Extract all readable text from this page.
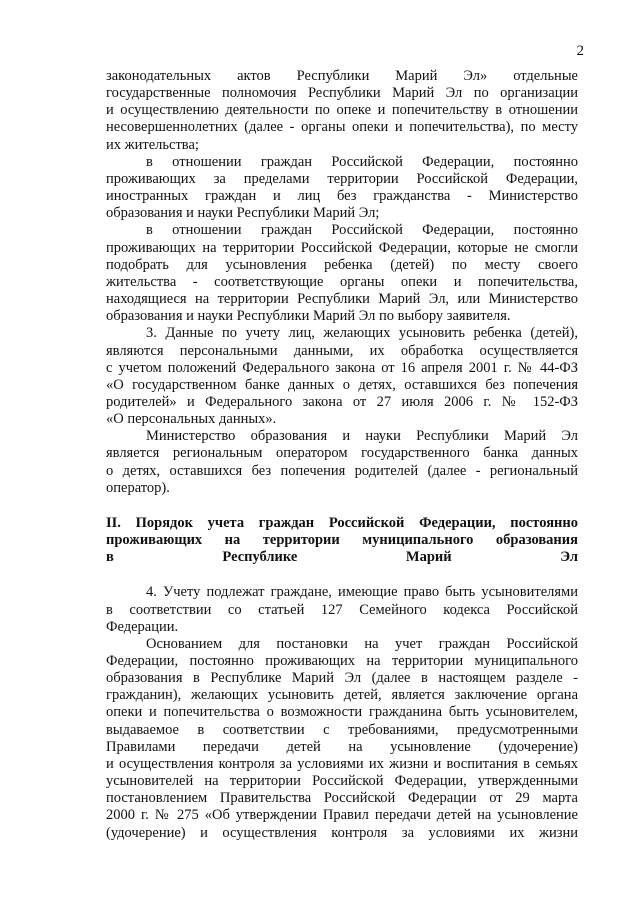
2

законодательных актов Республики Марий Эл» отдельные

государственные полномочия Республики Марий Эл по организации

и осуществлению деятельности по опеке и попечительству в отношении

несовершеннолетних (далее - органы опеки и попечительства), по месту

их жительства;

в отношении граждан Российской Федерации, постоянно

проживающих за пределами территории Российской Федерации,

иностранных граждан и лиц без гражданства - Министерство

образования и науки Республики Марий Эл;

в отношении граждан Российской Федерации, постоянно

проживающих на территории Российской Федерации, которые не смогли

подобрать для усыновления ребенка (детей) по месту своего

жительства - соответствующие органы опеки и попечительства,

находящиеся на территории Республики Марий Эл, или Министерство

образования и науки Республики Марий Эл по выбору заявителя.

3. Данные по учету лиц, желающих усыновить ребенка (детей),

являются персональными данными, их обработка осуществляется

с учетом положений Федерального закона от 16 апреля 2001 г. № 44-ФЗ

«О государственном банке данных о детях, оставшихся без попечения

родителей» и Федерального закона от 27 июля 2006 г. № 152-ФЗ

«О персональных данных».

Министерство образования и науки Республики Марий Эл

является региональным оператором государственного банка данных

о детях, оставшихся без попечения родителей (далее - региональный

оператор).

II. Порядок учета граждан Российской Федерации, постоянно

проживающих на территории муниципального образования

в Республике Марий Эл

4. Учету подлежат граждане, имеющие право быть усыновителями

в соответствии со статьей 127 Семейного кодекса Российской

Федерации.

Основанием для постановки на учет граждан Российской

Федерации, постоянно проживающих на территории муниципального

образования в Республике Марий Эл (далее в настоящем разделе -

гражданин), желающих усыновить детей, является заключение органа

опеки и попечительства о возможности гражданина быть усыновителем,

выдаваемое в соответствии с требованиями, предусмотренными

Правилами передачи детей на усыновление (удочерение)

и осуществления контроля за условиями их жизни и воспитания в семьях

усыновителей на территории Российской Федерации, утвержденными

постановлением Правительства Российской Федерации от 29 марта

2000 г. № 275 «Об утверждении Правил передачи детей на усыновление

(удочерение) и осуществления контроля за условиями их жизни
